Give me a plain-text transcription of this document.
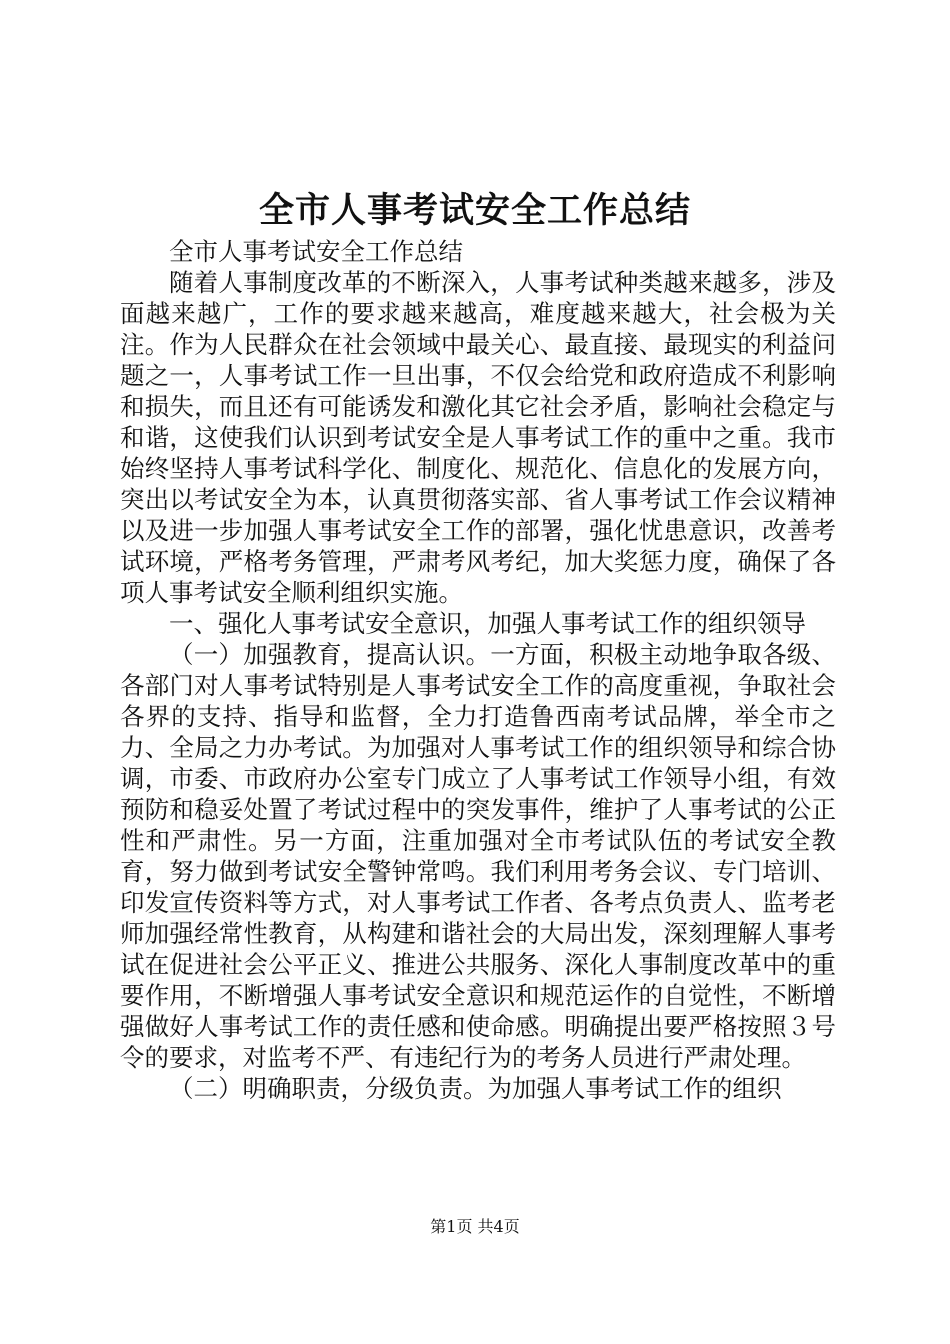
全市人事考试安全工作总结

全市人事考试安全工作总结

随着人事制度改革的不断深入，人事考试种类越来越多，涉及面越来越广，工作的要求越来越高，难度越来越大，社会极为关注。作为人民群众在社会领域中最关心、最直接、最现实的利益问题之一，人事考试工作一旦出事，不仅会给党和政府造成不利影响和损失，而且还有可能诱发和激化其它社会矛盾，影响社会稳定与和谐，这使我们认识到考试安全是人事考试工作的重中之重。我市始终坚持人事考试科学化、制度化、规范化、信息化的发展方向，突出以考试安全为本，认真贯彻落实部、省人事考试工作会议精神以及进一步加强人事考试安全工作的部署，强化忧患意识，改善考试环境，严格考务管理，严肃考风考纪，加大奖惩力度，确保了各项人事考试安全顺利组织实施。

一、强化人事考试安全意识，加强人事考试工作的组织领导

（一）加强教育，提高认识。一方面，积极主动地争取各级、各部门对人事考试特别是人事考试安全工作的高度重视，争取社会各界的支持、指导和监督，全力打造鲁西南考试品牌，举全市之力、全局之力办考试。为加强对人事考试工作的组织领导和综合协调，市委、市政府办公室专门成立了人事考试工作领导小组，有效预防和稳妥处置了考试过程中的突发事件，维护了人事考试的公正性和严肃性。另一方面，注重加强对全市考试队伍的考试安全教育，努力做到考试安全警钟常鸣。我们利用考务会议、专门培训、印发宣传资料等方式，对人事考试工作者、各考点负责人、监考老师加强经常性教育，从构建和谐社会的大局出发，深刻理解人事考试在促进社会公平正义、推进公共服务、深化人事制度改革中的重要作用，不断增强人事考试安全意识和规范运作的自觉性，不断增强做好人事考试工作的责任感和使命感。明确提出要严格按照３号令的要求，对监考不严、有违纪行为的考务人员进行严肃处理。

（二）明确职责，分级负责。为加强人事考试工作的组织

第1页 共4页
